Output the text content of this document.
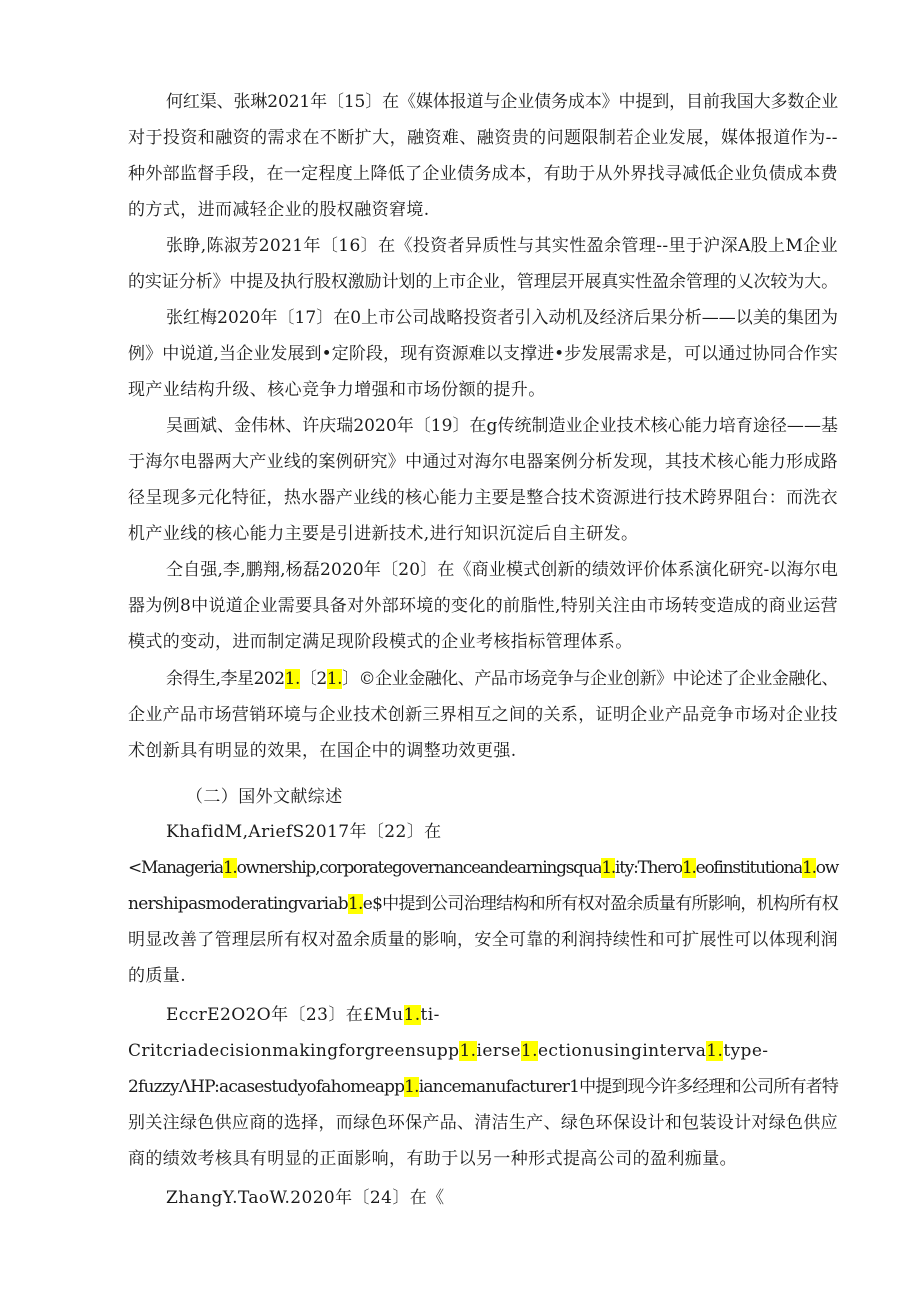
何红渠、张琳2021年〔15〕在《媒体报道与企业债务成本》中提到，目前我国大多数企业
对于投资和融资的需求在不断扩大，融资难、融资贵的问题限制若企业发展，媒体报道作为--
种外部监督手段，在一定程度上降低了企业债务成本，有助于从外界找寻减低企业负债成本费
的方式，进而减轻企业的股权融资窘境.
张睁,陈淑芳2021年〔16〕在《投资者异质性与其实性盈余管理--里于沪深A股上M企业
的实证分析》中提及执行股权激励计划的上市企业，管理层开展真实性盈余管理的乂次较为大。
张红梅2020年〔17〕在0上市公司战略投资者引入动机及经济后果分析——以美的集团为
例》中说道,当企业发展到•定阶段，现有资源难以支撑进•步发展需求是，可以通过协同合作实
现产业结构升级、核心竞争力增强和市场份额的提升。
吴画斌、金伟林、许庆瑞2020年〔19〕在g传统制造业企业技术核心能力培育途径——基
于海尔电器两大产业线的案例研究》中通过对海尔电器案例分析发现，其技术核心能力形成路
径呈现多元化特征，热水器产业线的核心能力主要是整合技术资源进行技术跨界阻台：而洗衣
机产业线的核心能力主要是引进新技术,进行知识沉淀后自主研发。
仝自强,李,鹏翔,杨磊2020年〔20〕在《商业模式创新的绩效评价体系演化研究-以海尔电
器为例8中说道企业需要具备对外部环境的变化的前脂性,特别关注由市场转变造成的商业运营
模式的变动，进而制定满足现阶段模式的企业考核指标管理体系。
余得生,李星2021.〔21.〕©企业金融化、产品市场竞争与企业创新》中论述了企业金融化、
企业产品市场营销环境与企业技术创新三界相互之间的关系，证明企业产品竞争市场对企业技
术创新具有明显的效果，在国企中的调整功效更强.
（二）国外文献综述
KhafidM,AriefS2017年〔22〕在
<Manageria1.ownership,corporategovernanceandearningsqua1.ity:Thero1.eofinstitutiona1.ow
nershipasmoderatingvariab1.e$中提到公司治理结构和所有权对盈余质量有所影响，机构所有权
明显改善了管理层所有权对盈余质量的影响，安全可靠的利润持续性和可扩展性可以体现利润
的质量.
EccrE2O2O年〔23〕在£Mu1.ti-
Critcriadecisionmakingforgreensupp1.ierse1.ectionusinginterva1.type-
2fuzzyΛHP:acasestudyofahomeapp1.iancemanufacturer1中提到现今许多经理和公司所有者特
别关注绿色供应商的选择，而绿色环保产品、清洁生产、绿色环保设计和包装设计对绿色供应
商的绩效考核具有明显的正面影响，有助于以另一种形式提高公司的盈利痂量。
ZhangY.TaoW.2020年〔24〕在《
